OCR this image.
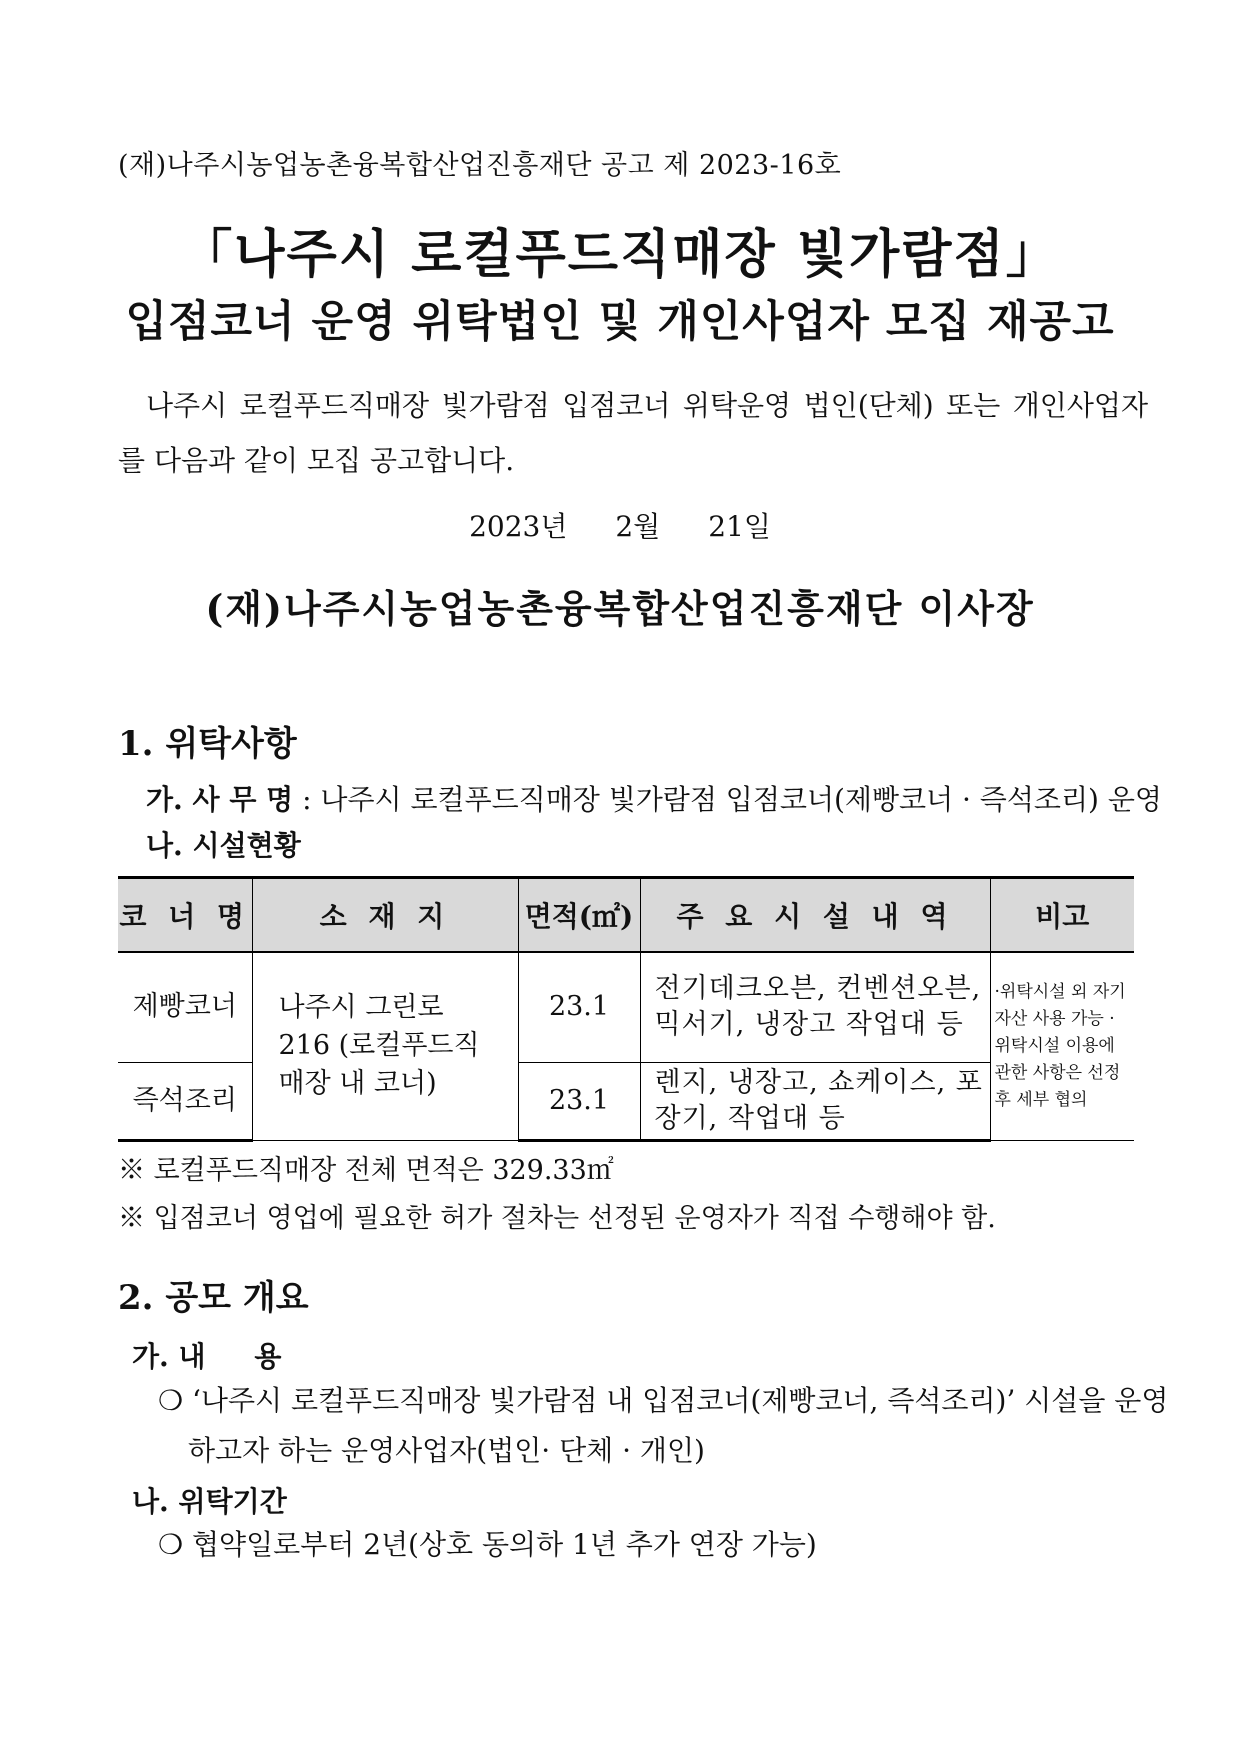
(재)나주시농업농촌융복합산업진흥재단 공고 제 2023-16호
「나주시 로컬푸드직매장 빛가람점」
입점코너 운영 위탁법인 및 개인사업자 모집 재공고
나주시 로컬푸드직매장 빛가람점 입점코너 위탁운영 법인(단체) 또는 개인사업자를 다음과 같이 모집 공고합니다.
2023년 2월 21일
(재)나주시농업농촌융복합산업진흥재단 이사장
1. 위탁사항
가. 사 무 명 : 나주시 로컬푸드직매장 빛가람점 입점코너(제빵코너 · 즉석조리) 운영
나. 시설현황
코 너 명	소 재 지	면적(㎡)	주 요 시 설 내 역	비고
제빵코너	나주시 그린로 216 (로컬푸드직매장 내 코너)	23.1	전기데크오븐, 컨벤션오븐, 믹서기, 냉장고 작업대 등	·위탁시설 외 자기자산 사용 가능 ·위탁시설 이용에 관한 사항은 선정 후 세부 협의
즉석조리		23.1	렌지, 냉장고, 쇼케이스, 포장기, 작업대 등	
※ 로컬푸드직매장 전체 면적은 329.33㎡
※ 입점코너 영업에 필요한 허가 절차는 선정된 운영자가 직접 수행해야 함.
2. 공모 개요
가. 내     용
❍ ‘나주시 로컬푸드직매장 빛가람점 내 입점코너(제빵코너, 즉석조리)’ 시설을 운영하고자 하는 운영사업자(법인· 단체 · 개인)
나. 위탁기간
❍ 협약일로부터 2년(상호 동의하 1년 추가 연장 가능)
